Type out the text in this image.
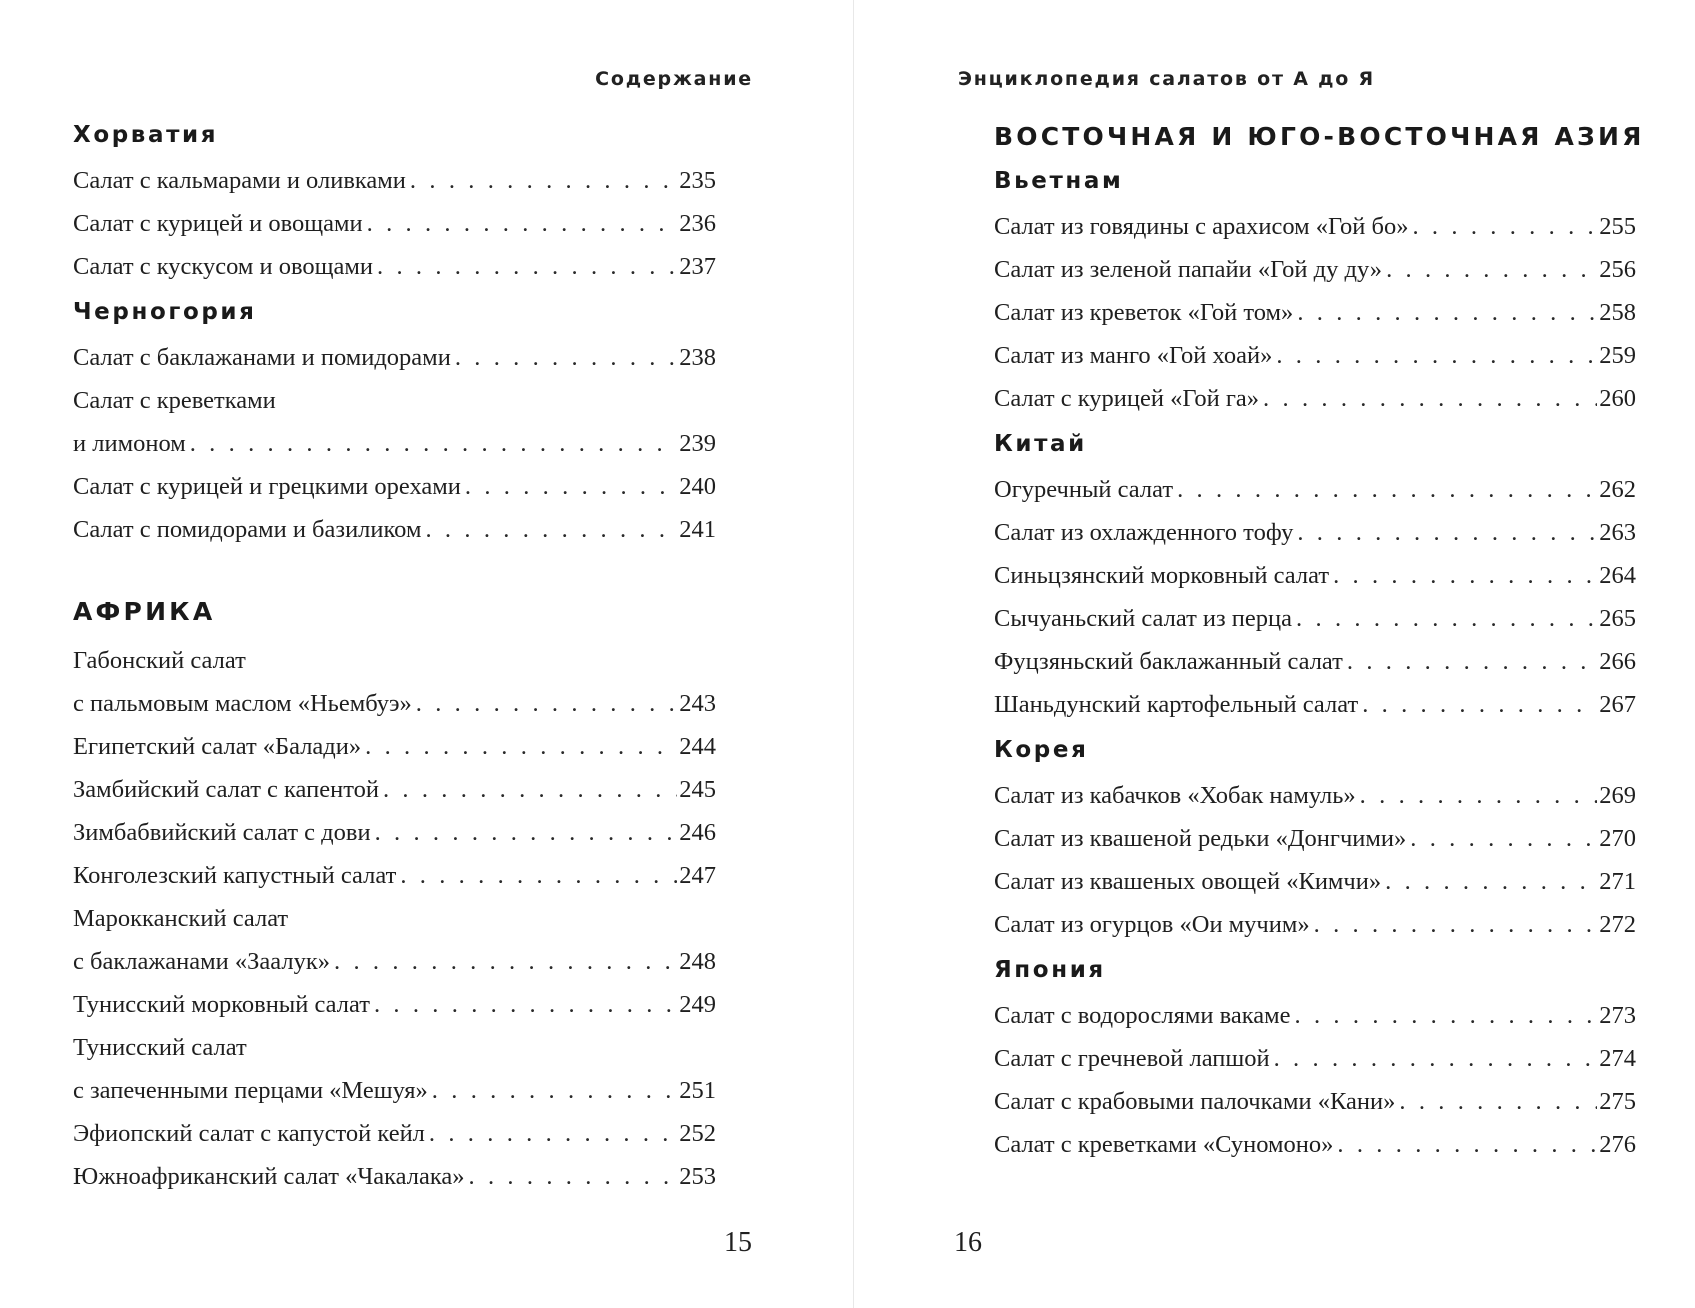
Содержание
Хорватия
Салат с кальмарами и оливками . . .	235
Салат с курицей и овощами . . .	236
Салат с кускусом и овощами . . .	237
Черногория
Салат с баклажанами и помидорами . . .	238
Салат с креветками
и лимоном . . .	239
Салат с курицей и грецкими орехами . . .	240
Салат с помидорами и базиликом . . .	241
АФРИКА
Габонский салат
с пальмовым маслом «Ньембуэ» . . .	243
Египетский салат «Балади» . . .	244
Замбийский салат с капентой . . .	245
Зимбабвийский салат с дови . . .	246
Конголезский капустный салат . . .	247
Марокканский салат
с баклажанами «Заалук» . . .	248
Тунисский морковный салат . . .	249
Тунисский салат
с запеченными перцами «Мешуя» . . .	251
Эфиопский салат с капустой кейл . . .	252
Южноафриканский салат «Чакалака» . . .	253
15
Энциклопедия салатов от А до Я
ВОСТОЧНАЯ И ЮГО-ВОСТОЧНАЯ АЗИЯ
Вьетнам
Салат из говядины с арахисом «Гой бо» . . .	255
Салат из зеленой папайи «Гой ду ду» . . .	256
Салат из креветок «Гой том» . . .	258
Салат из манго «Гой хоай» . . .	259
Салат с курицей «Гой га» . . .	260
Китай
Огуречный салат . . .	262
Салат из охлажденного тофу . . .	263
Синьцзянский морковный салат . . .	264
Сычуаньский салат из перца . . .	265
Фуцзяньский баклажанный салат . . .	266
Шаньдунский картофельный салат . . .	267
Корея
Салат из кабачков «Хобак намуль» . . .	269
Салат из квашеной редьки «Донгчими» . . .	270
Салат из квашеных овощей «Кимчи» . . .	271
Салат из огурцов «Ои мучим» . . .	272
Япония
Салат с водорослями вакаме . . .	273
Салат с гречневой лапшой . . .	274
Салат с крабовыми палочками «Кани» . . .	275
Салат с креветками «Суномоно» . . .	276
16
